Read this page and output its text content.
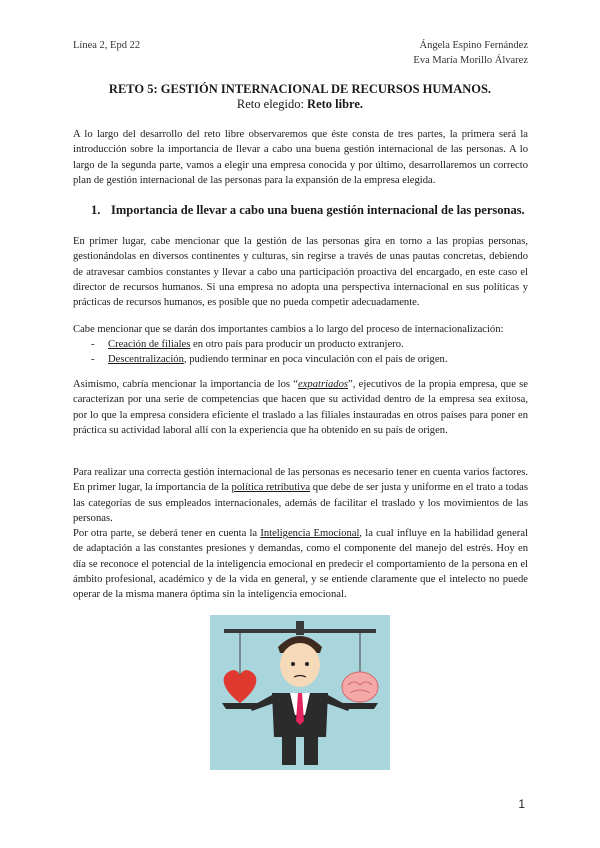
Línea 2, Epd 22	Ángela Espino Fernández
Eva María Morillo Álvarez
RETO 5: GESTIÓN INTERNACIONAL DE RECURSOS HUMANOS.
Reto elegido: Reto libre.

A lo largo del desarrollo del reto libre observaremos que éste consta de tres partes, la primera será la introducción sobre la importancia de llevar a cabo una buena gestión internacional de las personas. A lo largo de la segunda parte, vamos a elegir una empresa conocida y por último, desarrollaremos un correcto plan de gestión internacional de las personas para la expansión de la empresa elegida.

1. Importancia de llevar a cabo una buena gestión internacional de las personas.

En primer lugar, cabe mencionar que la gestión de las personas gira en torno a las propias personas, gestionándolas en diversos continentes y culturas, sin regirse a través de unas pautas concretas, debiendo de atravesar cambios constantes y llevar a cabo una participación proactiva del encargado, en este caso el director de recursos humanos. Si una empresa no adopta una perspectiva internacional en sus políticas y prácticas de recursos humanos, es posible que no pueda competir adecuadamente.

Cabe mencionar que se darán dos importantes cambios a lo largo del proceso de internacionalización:

- Creación de filiales en otro país para producir un producto extranjero.
- Descentralización, pudiendo terminar en poca vinculación con el país de origen.

Asimismo, cabría mencionar la importancia de los “expatriados”, ejecutivos de la propia empresa, que se caracterizan por una serie de competencias que hacen que su actividad dentro de la empresa sea exitosa, por lo que la empresa considera eficiente el traslado a las filiales instauradas en otros países para poner en práctica su actividad laboral allí con la experiencia que ha obtenido en su país de origen.

Para realizar una correcta gestión internacional de las personas es necesario tener en cuenta varios factores. En primer lugar, la importancia de la política retributiva que debe de ser justa y uniforme en el trato a todas las categorías de sus empleados internacionales, además de facilitar el traslado y los movimientos de las personas.

Por otra parte, se deberá tener en cuenta la Inteligencia Emocional, la cual influye en la habilidad general de adaptación a las constantes presiones y demandas, como el componente del manejo del estrés. Hoy en día se reconoce el potencial de la inteligencia emocional en predecir el comportamiento de la persona en el ámbito profesional, académico y de la vida en general, y se entiende claramente que el intelecto no puede operar de la misma manera óptima sin la inteligencia emocional.

1
